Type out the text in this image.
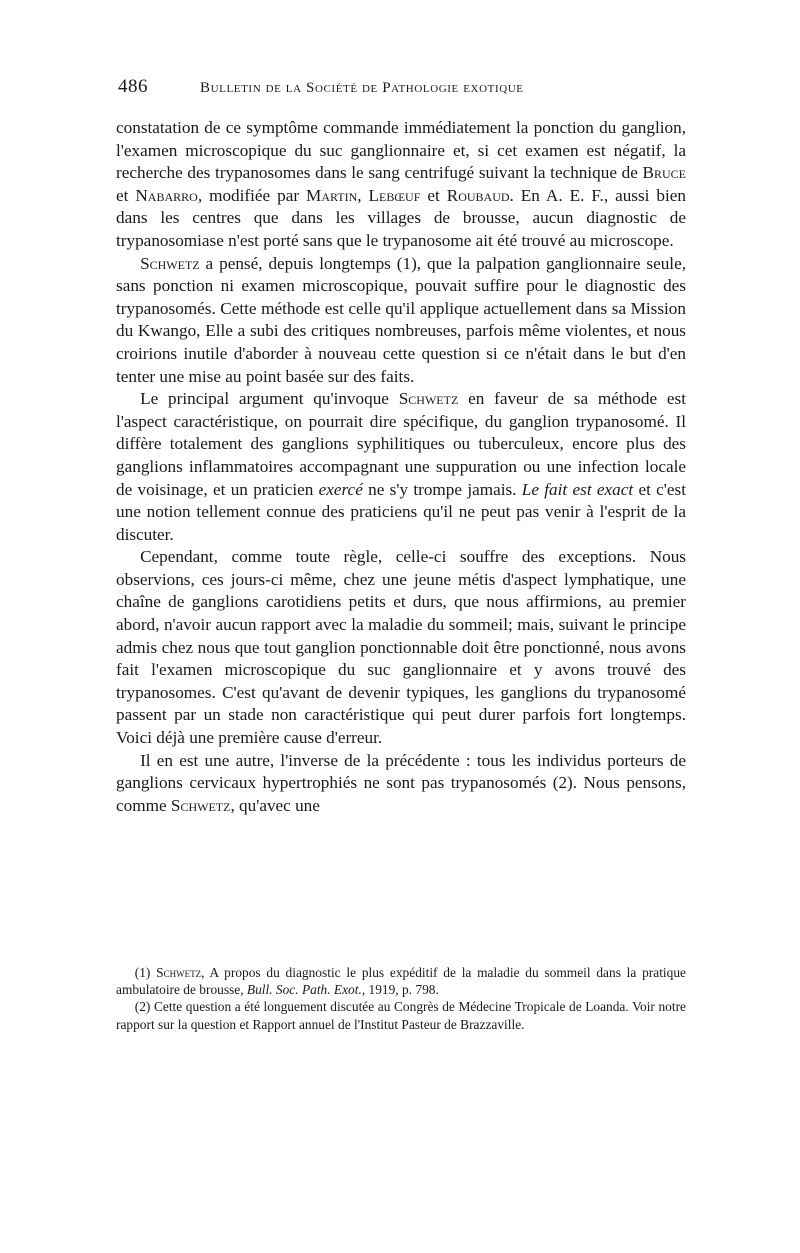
486	Bulletin de la Société de Pathologie exotique

constatation de ce symptôme commande immédiatement la ponction du ganglion, l'examen microscopique du suc ganglionnaire et, si cet examen est négatif, la recherche des trypanosomes dans le sang centrifugé suivant la technique de Bruce et Nabarro, modifiée par Martin, Lebœuf et Roubaud. En A. E. F., aussi bien dans les centres que dans les villages de brousse, aucun diagnostic de trypanosomiase n'est porté sans que le trypanosome ait été trouvé au microscope.

Schwetz a pensé, depuis longtemps (1), que la palpation ganglionnaire seule, sans ponction ni examen microscopique, pouvait suffire pour le diagnostic des trypanosomés. Cette méthode est celle qu'il applique actuellement dans sa Mission du Kwango, Elle a subi des critiques nombreuses, parfois même violentes, et nous croirions inutile d'aborder à nouveau cette question si ce n'était dans le but d'en tenter une mise au point basée sur des faits.

Le principal argument qu'invoque Schwetz en faveur de sa méthode est l'aspect caractéristique, on pourrait dire spécifique, du ganglion trypanosomé. Il diffère totalement des ganglions syphilitiques ou tuberculeux, encore plus des ganglions inflammatoires accompagnant une suppuration ou une infection locale de voisinage, et un praticien exercé ne s'y trompe jamais. Le fait est exact et c'est une notion tellement connue des praticiens qu'il ne peut pas venir à l'esprit de la discuter.

Cependant, comme toute règle, celle-ci souffre des exceptions. Nous observions, ces jours-ci même, chez une jeune métis d'aspect lymphatique, une chaîne de ganglions carotidiens petits et durs, que nous affirmions, au premier abord, n'avoir aucun rapport avec la maladie du sommeil; mais, suivant le principe admis chez nous que tout ganglion ponctionnable doit être ponctionné, nous avons fait l'examen microscopique du suc ganglionnaire et y avons trouvé des trypanosomes. C'est qu'avant de devenir typiques, les ganglions du trypanosomé passent par un stade non caractéristique qui peut durer parfois fort longtemps. Voici déjà une première cause d'erreur.

Il en est une autre, l'inverse de la précédente : tous les individus porteurs de ganglions cervicaux hypertrophiés ne sont pas trypanosomés (2). Nous pensons, comme Schwetz, qu'avec une

(1) Schwetz, A propos du diagnostic le plus expéditif de la maladie du sommeil dans la pratique ambulatoire de brousse, Bull. Soc. Path. Exot., 1919, p. 798.

(2) Cette question a été longuement discutée au Congrès de Médecine Tropicale de Loanda. Voir notre rapport sur la question et Rapport annuel de l'Institut Pasteur de Brazzaville.
